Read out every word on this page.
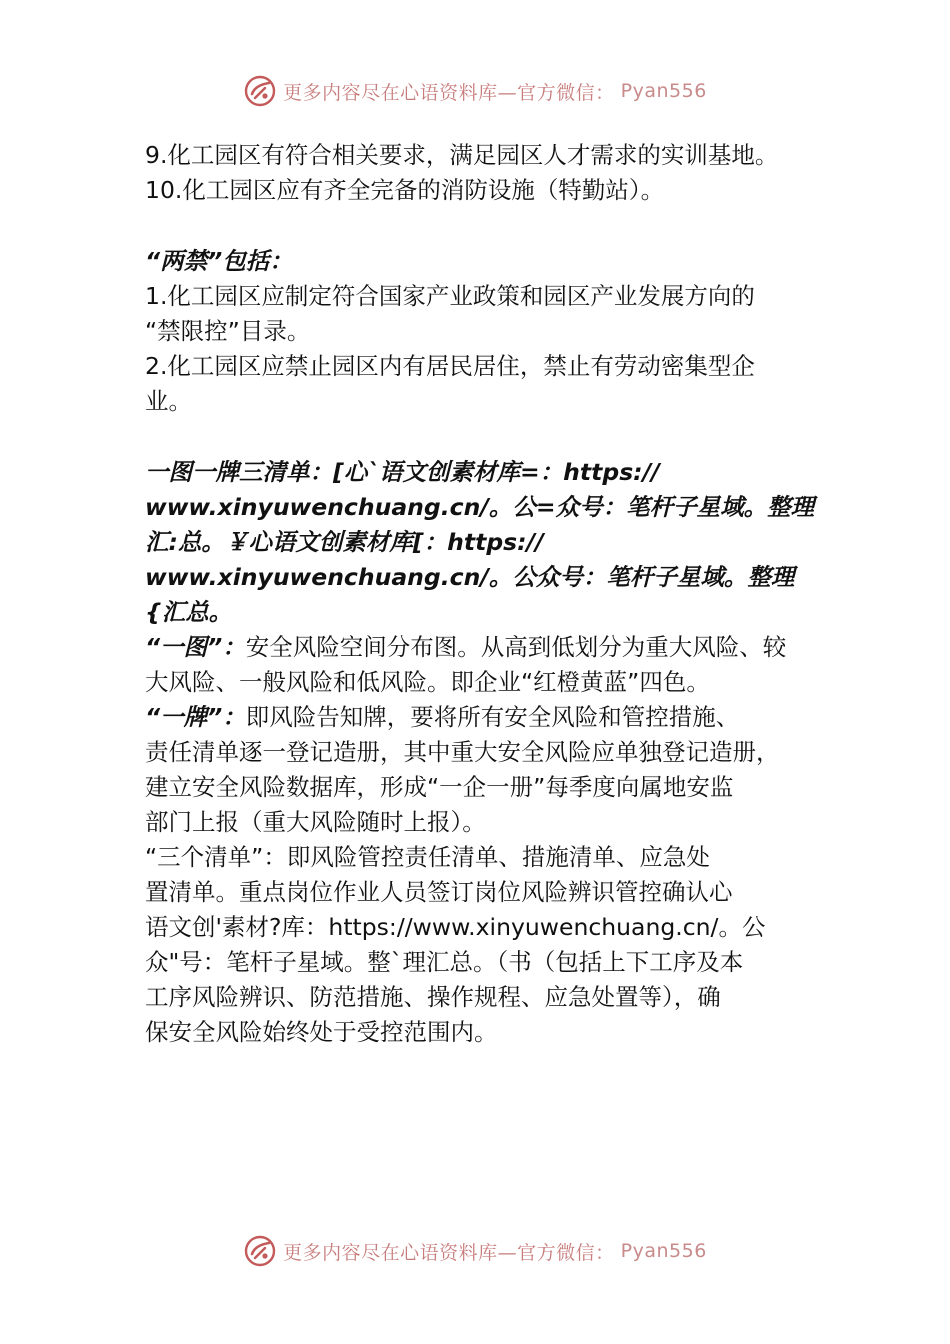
更多内容尽在心语资料库—官方微信： Pyan556

9.化工园区有符合相关要求，满足园区人才需求的实训基地。

10.化工园区应有齐全完备的消防设施（特勤站）。

“两禁”包括：

1.化工园区应制定符合国家产业政策和园区产业发展方向的

“禁限控”目录。

2.化工园区应禁止园区内有居民居住，禁止有劳动密集型企

业。

一图一牌三清单：[心`语文创素材库=：https://

www.xinyuwenchuang.cn/。公=众号：笔杆子星域。整理

汇:总。￥心语文创素材库[：https://

www.xinyuwenchuang.cn/。公众号：笔杆子星域。整理

{汇总。

“一图”：安全风险空间分布图。从高到低划分为重大风险、较

大风险、一般风险和低风险。即企业“红橙黄蓝”四色。

“一牌”：即风险告知牌，要将所有安全风险和管控措施、

责任清单逐一登记造册，其中重大安全风险应单独登记造册，

建立安全风险数据库，形成“一企一册”每季度向属地安监

部门上报（重大风险随时上报）。

“三个清单”：即风险管控责任清单、措施清单、应急处

置清单。重点岗位作业人员签订岗位风险辨识管控确认心

语文创'素材?库：https://www.xinyuwenchuang.cn/。公

众"号：笔杆子星域。整`理汇总。（书（包括上下工序及本

工序风险辨识、防范措施、操作规程、应急处置等），确

保安全风险始终处于受控范围内。

更多内容尽在心语资料库—官方微信： Pyan556
